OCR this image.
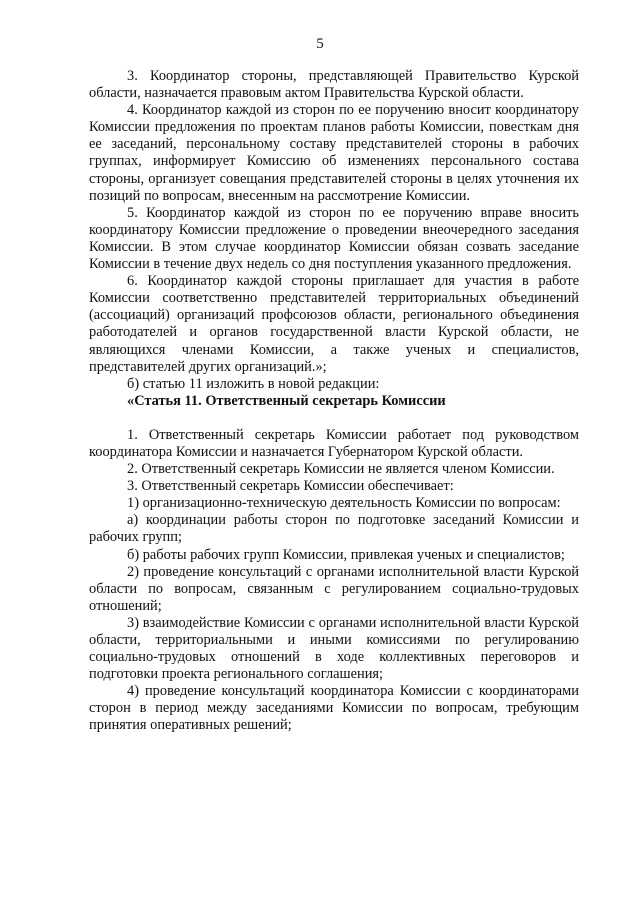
5

3. Координатор стороны, представляющей Правительство Курской области, назначается правовым актом Правительства Курской области.

4. Координатор каждой из сторон по ее поручению вносит координатору Комиссии предложения по проектам планов работы Комиссии, повесткам дня ее заседаний, персональному составу представителей стороны в рабочих группах, информирует Комиссию об изменениях персонального состава стороны, организует совещания представителей стороны в целях уточнения их позиций по вопросам, внесенным на рассмотрение Комиссии.

5. Координатор каждой из сторон по ее поручению вправе вносить координатору Комиссии предложение о проведении внеочередного заседания Комиссии. В этом случае координатор Комиссии обязан созвать заседание Комиссии в течение двух недель со дня поступления указанного предложения.

6. Координатор каждой стороны приглашает для участия в работе Комиссии соответственно представителей территориальных объединений (ассоциаций) организаций профсоюзов области, регионального объединения работодателей и органов государственной власти Курской области, не являющихся членами Комиссии, а также ученых и специалистов, представителей других организаций.»;

б) статью 11 изложить в новой редакции:

«Статья 11. Ответственный секретарь Комиссии

1. Ответственный секретарь Комиссии работает под руководством координатора Комиссии и назначается Губернатором Курской области.

2. Ответственный секретарь Комиссии не является членом Комиссии.

3. Ответственный секретарь Комиссии обеспечивает:

1) организационно-техническую деятельность Комиссии по вопросам:

а) координации работы сторон по подготовке заседаний Комиссии и рабочих групп;

б) работы рабочих групп Комиссии, привлекая ученых и специалистов;

2) проведение консультаций с органами исполнительной власти Курской области по вопросам, связанным с регулированием социально-трудовых отношений;

3) взаимодействие Комиссии с органами исполнительной власти Курской области, территориальными и иными комиссиями по регулированию социально-трудовых отношений в ходе коллективных переговоров и подготовки проекта регионального соглашения;

4) проведение консультаций координатора Комиссии с координаторами сторон в период между заседаниями Комиссии по вопросам, требующим принятия оперативных решений;
